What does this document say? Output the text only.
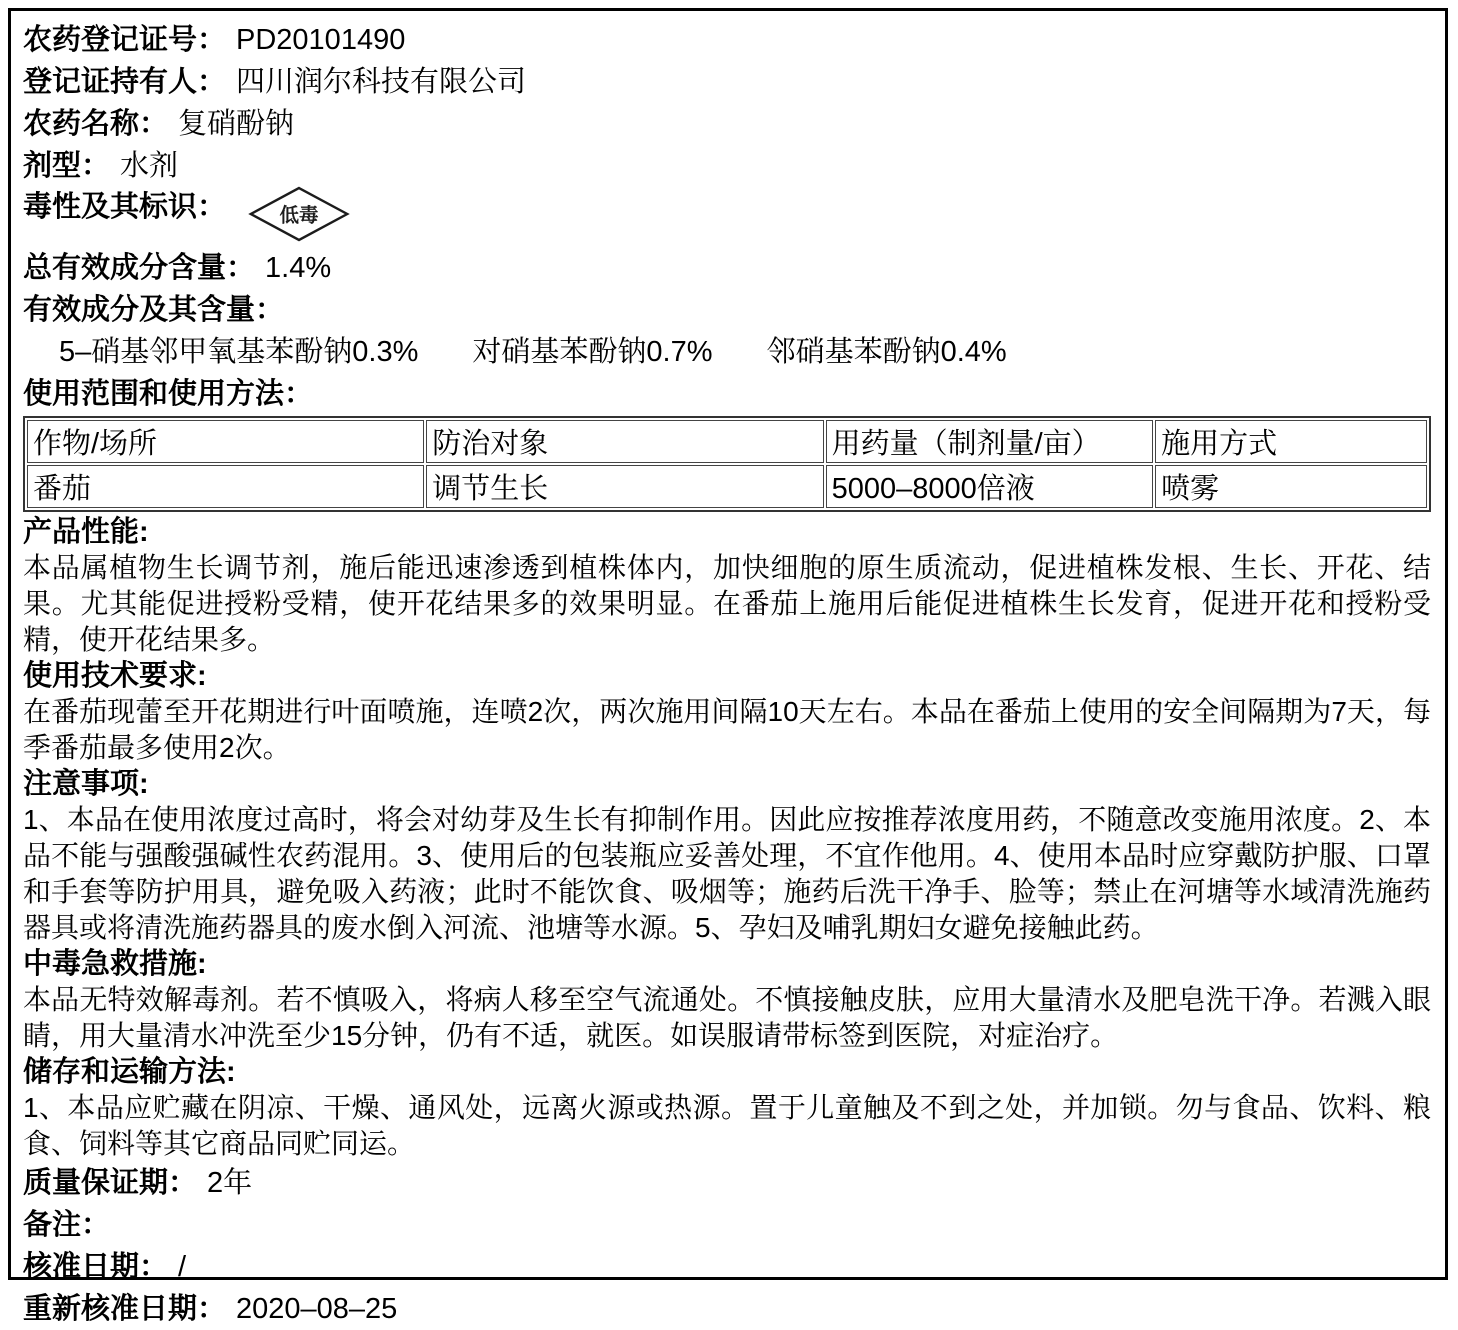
农药登记证号： PD20101490
登记证持有人： 四川润尔科技有限公司
农药名称： 复硝酚钠
剂型： 水剂
毒性及其标识：	低毒
总有效成分含量： 1.4%
有效成分及其含量：
5–硝基邻甲氧基苯酚钠0.3% 对硝基苯酚钠0.7% 邻硝基苯酚钠0.4%
使用范围和使用方法：
作物/场所	防治对象	用药量（制剂量/亩）	施用方式
番茄	调节生长	5000–8000倍液	喷雾
产品性能:

本品属植物生长调节剂，施后能迅速渗透到植株体内，加快细胞的原生质流动，促进植株发根、生长、开花、结果。尤其能促进授粉受精，使开花结果多的效果明显。在番茄上施用后能促进植株生长发育，促进开花和授粉受精，使开花结果多。

使用技术要求:

在番茄现蕾至开花期进行叶面喷施，连喷2次，两次施用间隔10天左右。本品在番茄上使用的安全间隔期为7天，每季番茄最多使用2次。

注意事项:

1、本品在使用浓度过高时，将会对幼芽及生长有抑制作用。因此应按推荐浓度用药，不随意改变施用浓度。2、本品不能与强酸强碱性农药混用。3、使用后的包装瓶应妥善处理，不宜作他用。4、使用本品时应穿戴防护服、口罩和手套等防护用具，避免吸入药液；此时不能饮食、吸烟等；施药后洗干净手、脸等；禁止在河塘等水域清洗施药器具或将清洗施药器具的废水倒入河流、池塘等水源。5、孕妇及哺乳期妇女避免接触此药。

中毒急救措施:

本品无特效解毒剂。若不慎吸入，将病人移至空气流通处。不慎接触皮肤，应用大量清水及肥皂洗干净。若溅入眼睛，用大量清水冲洗至少15分钟，仍有不适，就医。如误服请带标签到医院，对症治疗。

储存和运输方法:

1、本品应贮藏在阴凉、干燥、通风处，远离火源或热源。置于儿童触及不到之处，并加锁。勿与食品、饮料、粮食、饲料等其它商品同贮同运。

质量保证期： 2年
备注：
核准日期： /
重新核准日期： 2020–08–25
